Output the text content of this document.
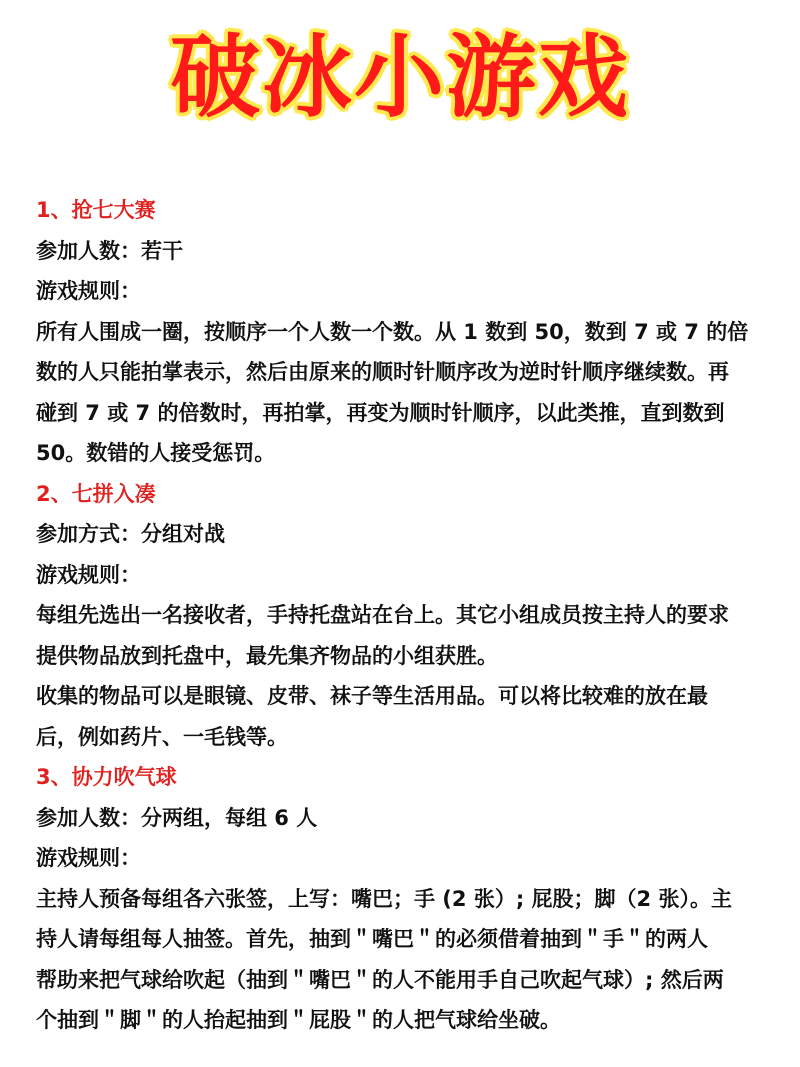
破冰小游戏
1、抢七大赛
参加人数：若干
游戏规则：
所有人围成一圈，按顺序一个人数一个数。从 1 数到 50，数到 7 或 7 的倍
数的人只能拍掌表示，然后由原来的顺时针顺序改为逆时针顺序继续数。再
碰到 7 或 7 的倍数时，再拍掌，再变为顺时针顺序，以此类推，直到数到
50。数错的人接受惩罚。
2、七拼入凑
参加方式：分组对战
游戏规则：
每组先选出一名接收者，手持托盘站在台上。其它小组成员按主持人的要求
提供物品放到托盘中，最先集齐物品的小组获胜。
收集的物品可以是眼镜、皮带、袜子等生活用品。可以将比较难的放在最
后，例如药片、一毛钱等。
3、协力吹气球
参加人数：分两组，每组 6 人
游戏规则：
主持人预备每组各六张签，上写：嘴巴；手 (2 张）; 屁股；脚（2 张）。主
持人请每组每人抽签。首先，抽到＂嘴巴＂的必须借着抽到＂手＂的两人
帮助来把气球给吹起（抽到＂嘴巴＂的人不能用手自己吹起气球）; 然后两
个抽到＂脚＂的人抬起抽到＂屁股＂的人把气球给坐破。
